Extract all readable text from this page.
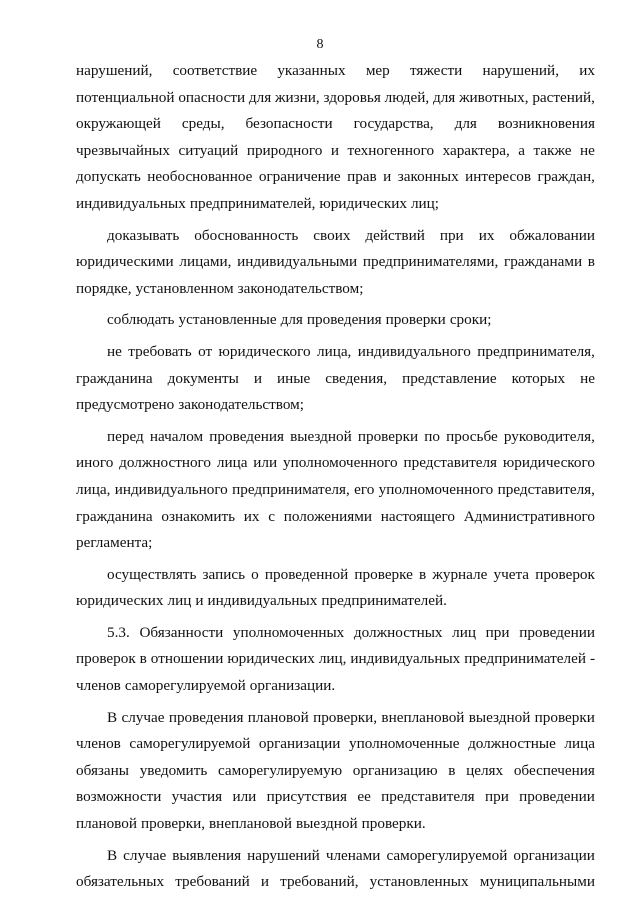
8
нарушений, соответствие указанных мер тяжести нарушений, их
потенциальной опасности для жизни, здоровья людей, для животных, растений,
окружающей среды, безопасности государства, для возникновения
чрезвычайных ситуаций природного и техногенного характера, а также не
допускать необоснованное ограничение прав и законных интересов граждан,
индивидуальных предпринимателей, юридических лиц;
доказывать обоснованность своих действий при их обжаловании
юридическими лицами, индивидуальными предпринимателями, гражданами в
порядке, установленном законодательством;
соблюдать установленные для проведения проверки сроки;
не требовать от юридического лица, индивидуального предпринимателя,
гражданина документы и иные сведения, представление которых не
предусмотрено законодательством;
перед началом проведения выездной проверки по просьбе руководителя,
иного должностного лица или уполномоченного представителя юридического
лица, индивидуального предпринимателя, его уполномоченного представителя,
гражданина ознакомить их с положениями настоящего Административного
регламента;
осуществлять запись о проведенной проверке в журнале учета проверок
юридических лиц и индивидуальных предпринимателей.
5.3. Обязанности уполномоченных должностных лиц при проведении
проверок в отношении юридических лиц, индивидуальных предпринимателей -
членов саморегулируемой организации.
В случае проведения плановой проверки, внеплановой выездной проверки
членов саморегулируемой организации уполномоченные должностные лица
обязаны уведомить саморегулируемую организацию в целях обеспечения
возможности участия или присутствия ее представителя при проведении
плановой проверки, внеплановой выездной проверки.
В случае выявления нарушений членами саморегулируемой организации
обязательных требований и требований, установленных муниципальными
